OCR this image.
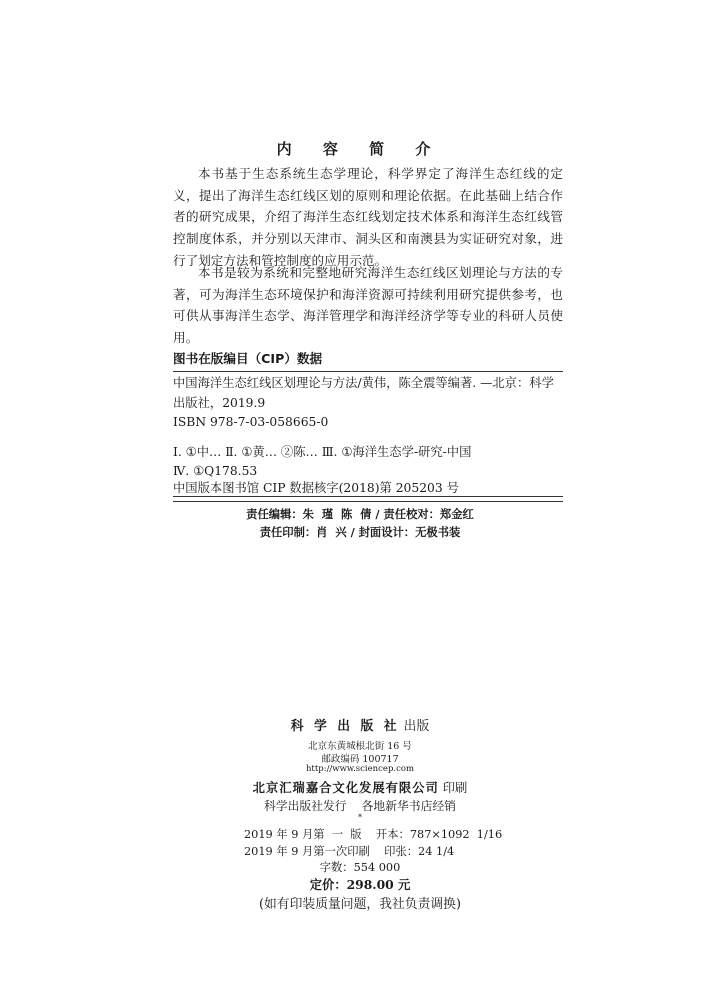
内 容 简 介

本书基于生态系统生态学理论，科学界定了海洋生态红线的定义，提出了海洋生态红线区划的原则和理论依据。在此基础上结合作者的研究成果，介绍了海洋生态红线划定技术体系和海洋生态红线管控制度体系，并分别以天津市、洞头区和南澳县为实证研究对象，进行了划定方法和管控制度的应用示范。

本书是较为系统和完整地研究海洋生态红线区划理论与方法的专著，可为海洋生态环境保护和海洋资源可持续利用研究提供参考，也可供从事海洋生态学、海洋管理学和海洋经济学等专业的科研人员使用。

图书在版编目（CIP）数据

中国海洋生态红线区划理论与方法/黄伟，陈全震等编著. —北京：科学出版社，2019.9

ISBN 978-7-03-058665-0

Ⅰ. ①中… Ⅱ. ①黄… ②陈… Ⅲ. ①海洋生态学-研究-中国

Ⅳ. ①Q178.53

中国版本图书馆 CIP 数据核字(2018)第 205203 号
责任编辑：朱  瑾  陈  倩 / 责任校对：郑金红
责任印制：肖  兴 / 封面设计：无极书装
科 学 出 版 社 出版
北京东黄城根北街 16 号
邮政编码 100717
http://www.sciencep.com
北京汇瑞嘉合文化发展有限公司 印刷
科学出版社发行    各地新华书店经销
*
2019 年 9 月第  一  版    开本：787×1092  1/16
2019 年 9 月第一次印刷    印张：24 1/4
字数：554 000
定价：298.00 元
(如有印装质量问题，我社负责调换)
